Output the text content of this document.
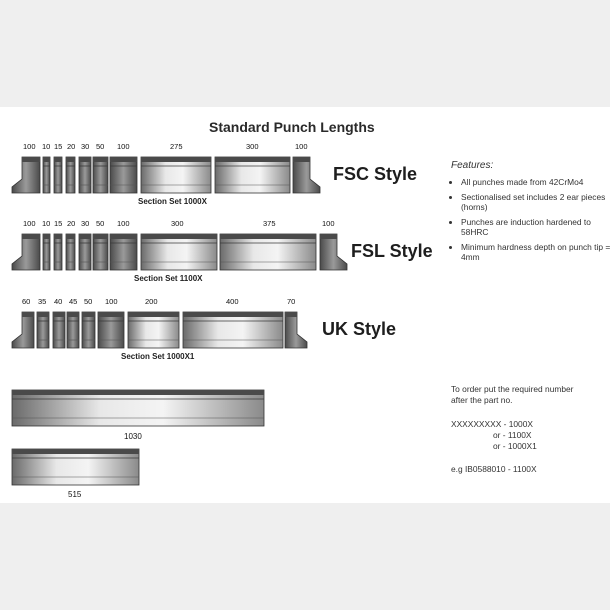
Standard Punch Lengths
100 10 15 20 30 50 100	275	300	100
Section Set 1000X
FSC Style
100 10 15 20 30 50 100	300	375	100
Section Set 1100X
FSL Style
60 35 40 45 50 100	200	400	70
Section Set 1000X1
UK Style
1030
515
Features:
• All punches made from 42CrMo4
• Sectionalised set includes 2 ear pieces (horns)
• Punches are induction hardened to 58HRC
• Minimum hardness depth on punch tip = 4mm
To order put the required number after the part no.
XXXXXXXXX - 1000X
or - 1100X
or - 1000X1
e.g IB0588010 - 1100X
